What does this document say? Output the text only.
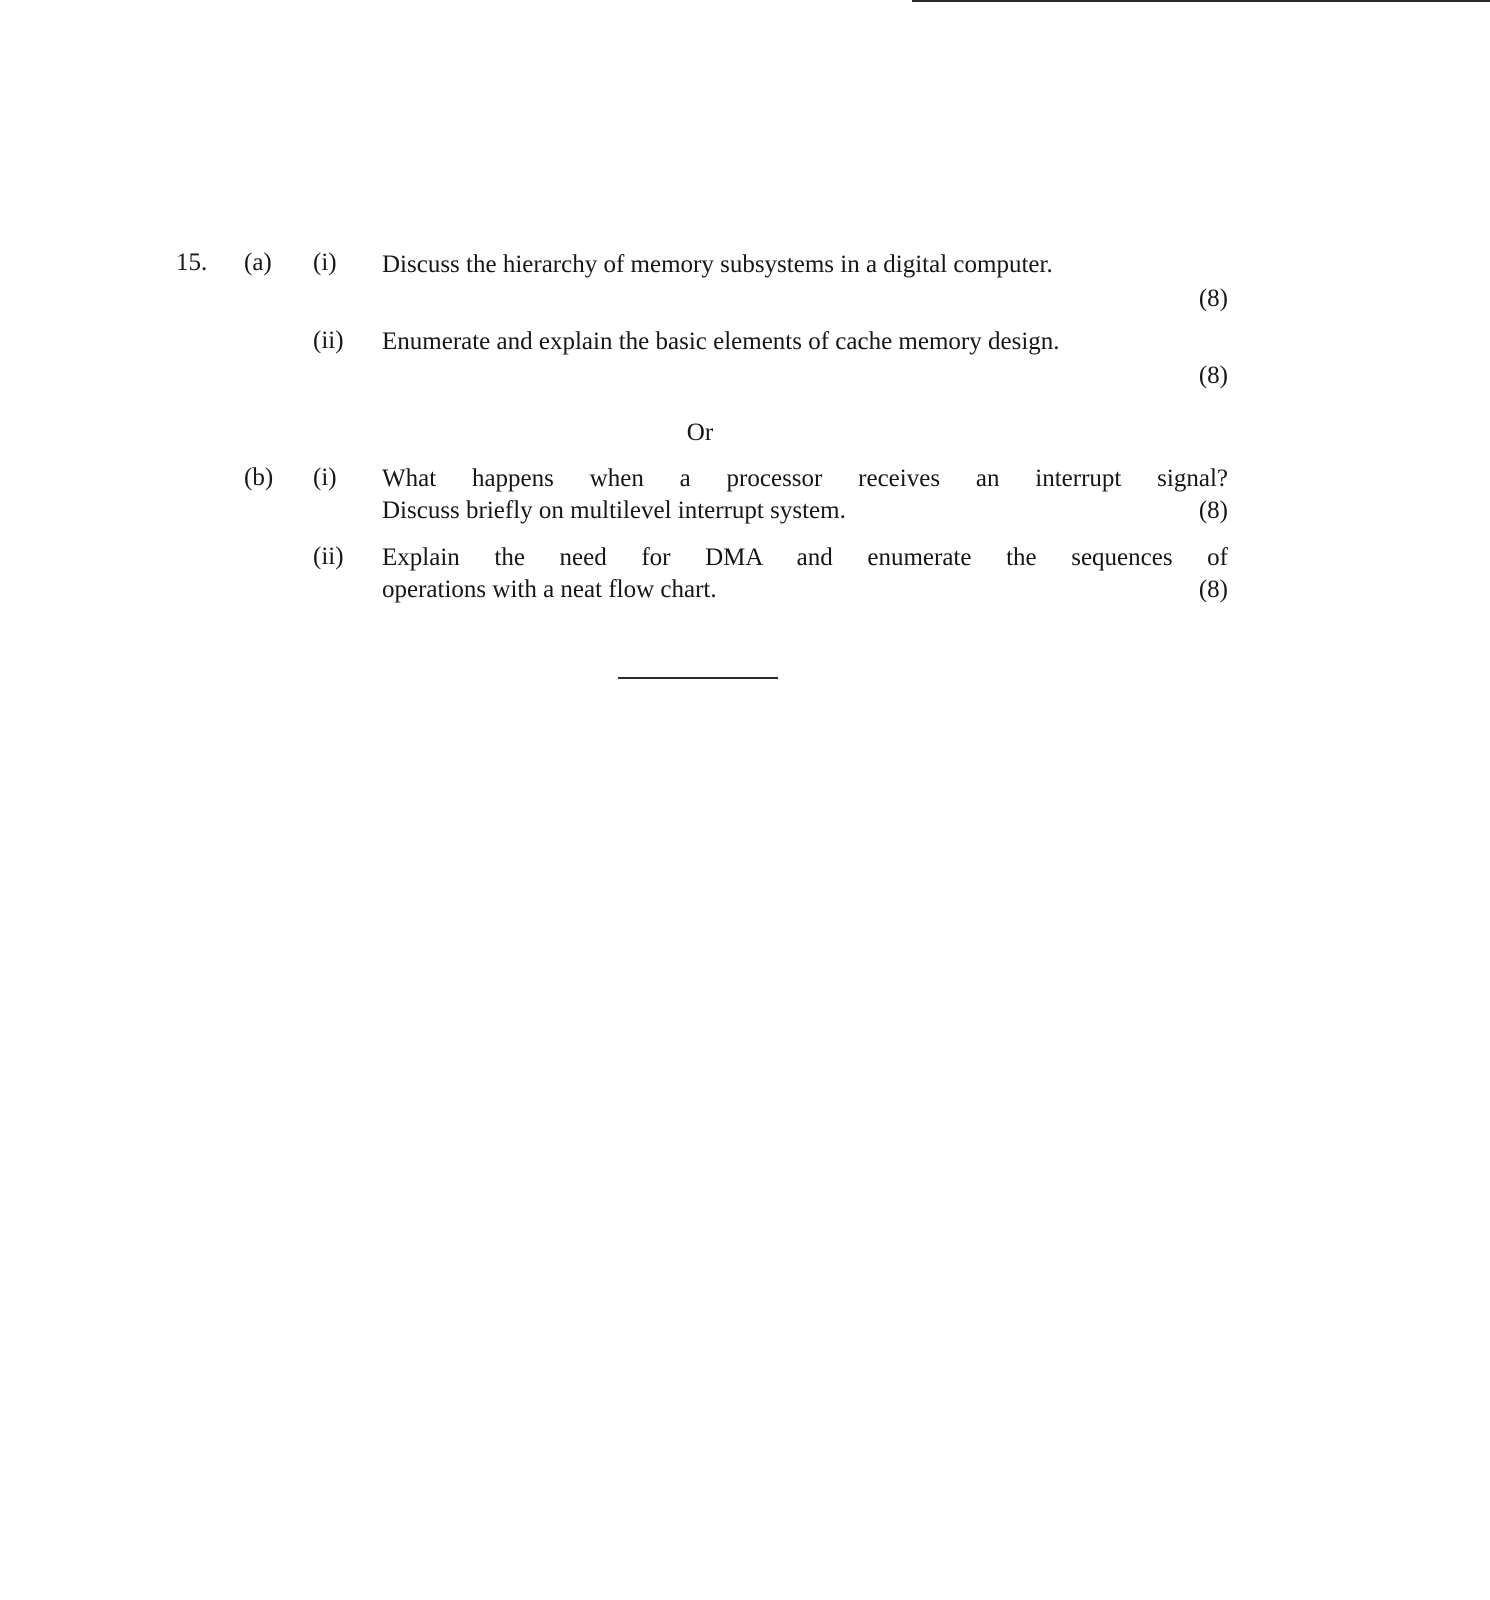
15. (a) (i) Discuss the hierarchy of memory subsystems in a digital computer.
(8)
(ii) Enumerate and explain the basic elements of cache memory design.
(8)
Or
(b) (i) What happens when a processor receives an interrupt signal?
Discuss briefly on multilevel interrupt system.	(8)
(ii) Explain the need for DMA and enumerate the sequences of
operations with a neat flow chart.	(8)
